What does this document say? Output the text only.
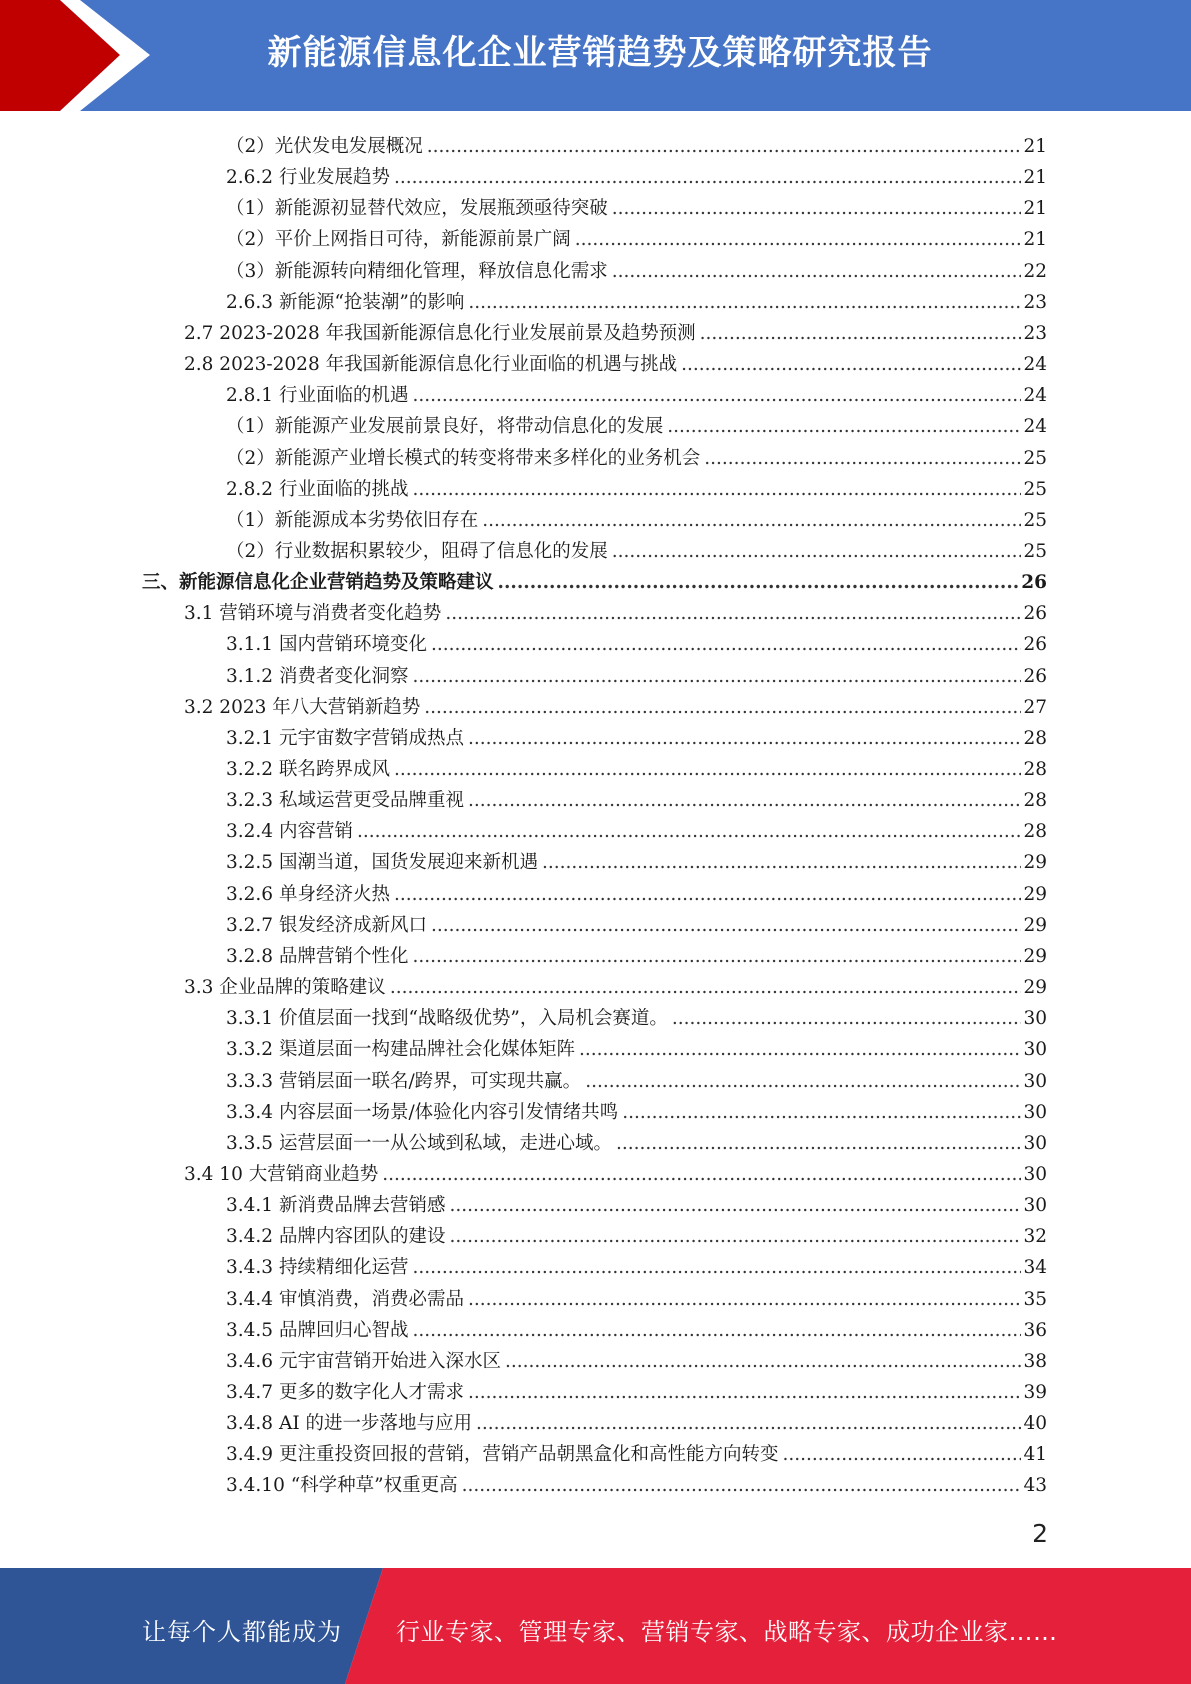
新能源信息化企业营销趋势及策略研究报告
（2）光伏发电发展概况 .....	21
2.6.2 行业发展趋势 .....	21
（1）新能源初显替代效应，发展瓶颈亟待突破 .....	21
（2）平价上网指日可待，新能源前景广阔 .....	21
（3）新能源转向精细化管理，释放信息化需求 .....	22
2.6.3 新能源“抢装潮”的影响 .....	23
2.7 2023-2028 年我国新能源信息化行业发展前景及趋势预测 .....	23
2.8 2023-2028 年我国新能源信息化行业面临的机遇与挑战 .....	24
2.8.1 行业面临的机遇 .....	24
（1）新能源产业发展前景良好，将带动信息化的发展 .....	24
（2）新能源产业增长模式的转变将带来多样化的业务机会 .....	25
2.8.2 行业面临的挑战 .....	25
（1）新能源成本劣势依旧存在 .....	25
（2）行业数据积累较少，阻碍了信息化的发展 .....	25
三、新能源信息化企业营销趋势及策略建议 .....	26
3.1 营销环境与消费者变化趋势 .....	26
3.1.1 国内营销环境变化 .....	26
3.1.2 消费者变化洞察 .....	26
3.2 2023 年八大营销新趋势 .....	27
3.2.1 元宇宙数字营销成热点 .....	28
3.2.2 联名跨界成风 .....	28
3.2.3 私域运营更受品牌重视 .....	28
3.2.4 内容营销 .....	28
3.2.5 国潮当道，国货发展迎来新机遇 .....	29
3.2.6 单身经济火热 .....	29
3.2.7 银发经济成新风口 .....	29
3.2.8 品牌营销个性化 .....	29
3.3 企业品牌的策略建议 .....	29
3.3.1 价值层面一找到“战略级优势”，入局机会赛道。 .....	30
3.3.2 渠道层面一构建品牌社会化媒体矩阵 .....	30
3.3.3 营销层面一联名/跨界，可实现共赢。 .....	30
3.3.4 内容层面一场景/体验化内容引发情绪共鸣 .....	30
3.3.5 运营层面一一从公域到私域，走进心域。 .....	30
3.4 10 大营销商业趋势 .....	30
3.4.1 新消费品牌去营销感 .....	30
3.4.2 品牌内容团队的建设 .....	32
3.4.3 持续精细化运营 .....	34
3.4.4 审慎消费，消费必需品 .....	35
3.4.5 品牌回归心智战 .....	36
3.4.6 元宇宙营销开始进入深水区 .....	38
3.4.7 更多的数字化人才需求 .....	39
3.4.8 AI 的进一步落地与应用 .....	40
3.4.9 更注重投资回报的营销，营销产品朝黑盒化和高性能方向转变 .....	41
3.4.10 “科学种草”权重更高 .....	43
2
让每个人都能成为 行业专家、管理专家、营销专家、战略专家、成功企业家……
